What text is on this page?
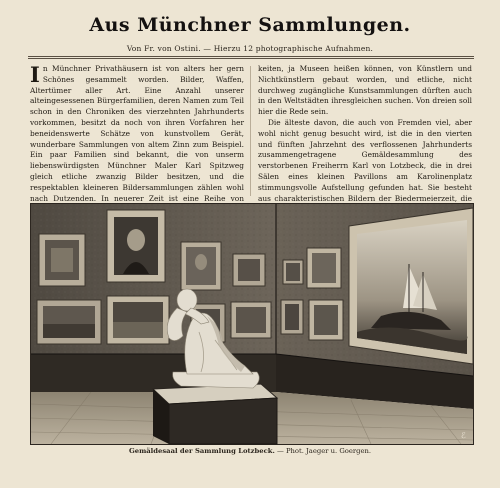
Aus Münchner Sammlungen.
Von Fr. von Ostini. — Hierzu 12 photographische Aufnahmen.

In Münchner Privathäusern ist von alters her gern Schönes gesammelt worden. Bilder, Waffen, Altertümer aller Art. Eine Anzahl unserer alteingesessenen Bürgerfamilien, deren Namen zum Teil schon in den Chroniken des vierzehnten Jahrhunderts vorkommen, besitzt da noch von ihren Vorfahren her beneidenswerte Schätze von kunstvollem Gerät, wunderbare Sammlungen von altem Zinn zum Beispiel. Ein paar Familien sind bekannt, die von unserm liebenswürdigsten Münchner Maler Karl Spitzweg gleich etliche zwanzig Bilder besitzen, und die respektablen kleineren Bildersammlungen zählen wohl nach Dutzenden. In neuerer Zeit ist eine Reihe von

keiten, ja Museen heißen können, von Künstlern und Nichtkünstlern gebaut worden, und etliche, nicht durchweg zugängliche Kunstsammlungen dürften auch in den Weltstädten ihresgleichen suchen. Von dreien soll hier die Rede sein.

Die älteste davon, die auch von Fremden viel, aber wohl nicht genug besucht wird, ist die in den vierten und fünften Jahrzehnt des verflossenen Jahrhunderts zusammengetragene Gemäldesammlung des verstorbenen Freiherrn Karl von Lotzbeck, die in drei Sälen eines kleinen Pavillons am Karolinenplatz stimmungsvolle Aufstellung gefunden hat. Sie besteht aus charakteristischen Bildern der Biedermeierzeit, die

ℰ
Gemäldesaal der Sammlung Lotzbeck. — Phot. Jaeger u. Goergen.
